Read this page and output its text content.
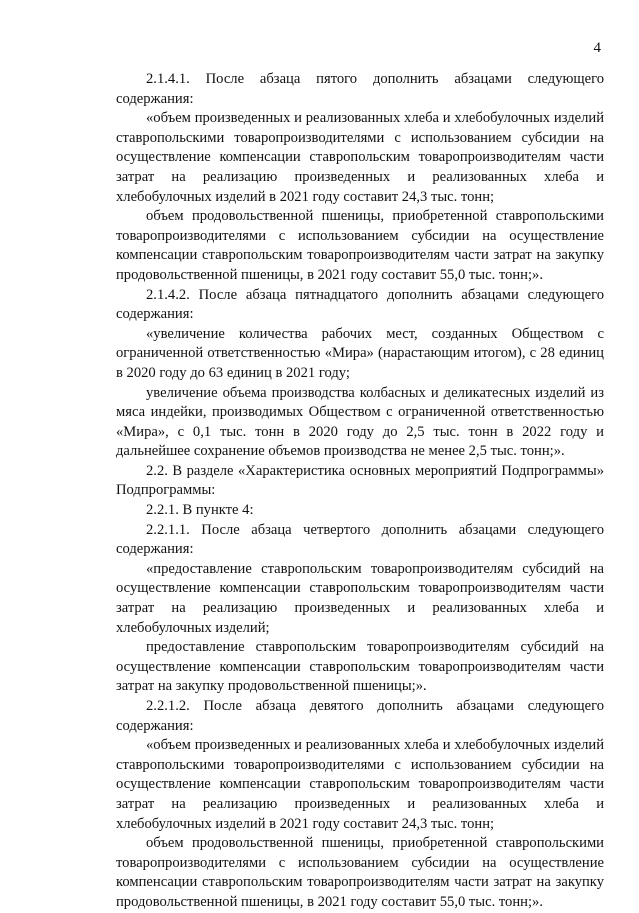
4

2.1.4.1. После абзаца пятого дополнить абзацами следующего содержания:

«объем произведенных и реализованных хлеба и хлебобулочных изделий ставропольскими товаропроизводителями с использованием субсидии на осуществление компенсации ставропольским товаропроизводителям части затрат на реализацию произведенных и реализованных хлеба и хлебобулочных изделий в 2021 году составит 24,3 тыс. тонн;

объем продовольственной пшеницы, приобретенной ставропольскими товаропроизводителями с использованием субсидии на осуществление компенсации ставропольским товаропроизводителям части затрат на закупку продовольственной пшеницы, в 2021 году составит 55,0 тыс. тонн;».

2.1.4.2. После абзаца пятнадцатого дополнить абзацами следующего содержания:

«увеличение количества рабочих мест, созданных Обществом с ограниченной ответственностью «Мира» (нарастающим итогом), с 28 единиц в 2020 году до 63 единиц в 2021 году;

увеличение объема производства колбасных и деликатесных изделий из мяса индейки, производимых Обществом с ограниченной ответственностью «Мира», с 0,1 тыс. тонн в 2020 году до 2,5 тыс. тонн в 2022 году и дальнейшее сохранение объемов производства не менее 2,5 тыс. тонн;».

2.2. В разделе «Характеристика основных мероприятий Подпрограммы» Подпрограммы:

2.2.1. В пункте 4:

2.2.1.1. После абзаца четвертого дополнить абзацами следующего содержания:

«предоставление ставропольским товаропроизводителям субсидий на осуществление компенсации ставропольским товаропроизводителям части затрат на реализацию произведенных и реализованных хлеба и хлебобулочных изделий;

предоставление ставропольским товаропроизводителям субсидий на осуществление компенсации ставропольским товаропроизводителям части затрат на закупку продовольственной пшеницы;».

2.2.1.2. После абзаца девятого дополнить абзацами следующего содержания:

«объем произведенных и реализованных хлеба и хлебобулочных изделий ставропольскими товаропроизводителями с использованием субсидии на осуществление компенсации ставропольским товаропроизводителям части затрат на реализацию произведенных и реализованных хлеба и хлебобулочных изделий в 2021 году составит 24,3 тыс. тонн;

объем продовольственной пшеницы, приобретенной ставропольскими товаропроизводителями с использованием субсидии на осуществление компенсации ставропольским товаропроизводителям части затрат на закупку продовольственной пшеницы, в 2021 году составит 55,0 тыс. тонн;».
